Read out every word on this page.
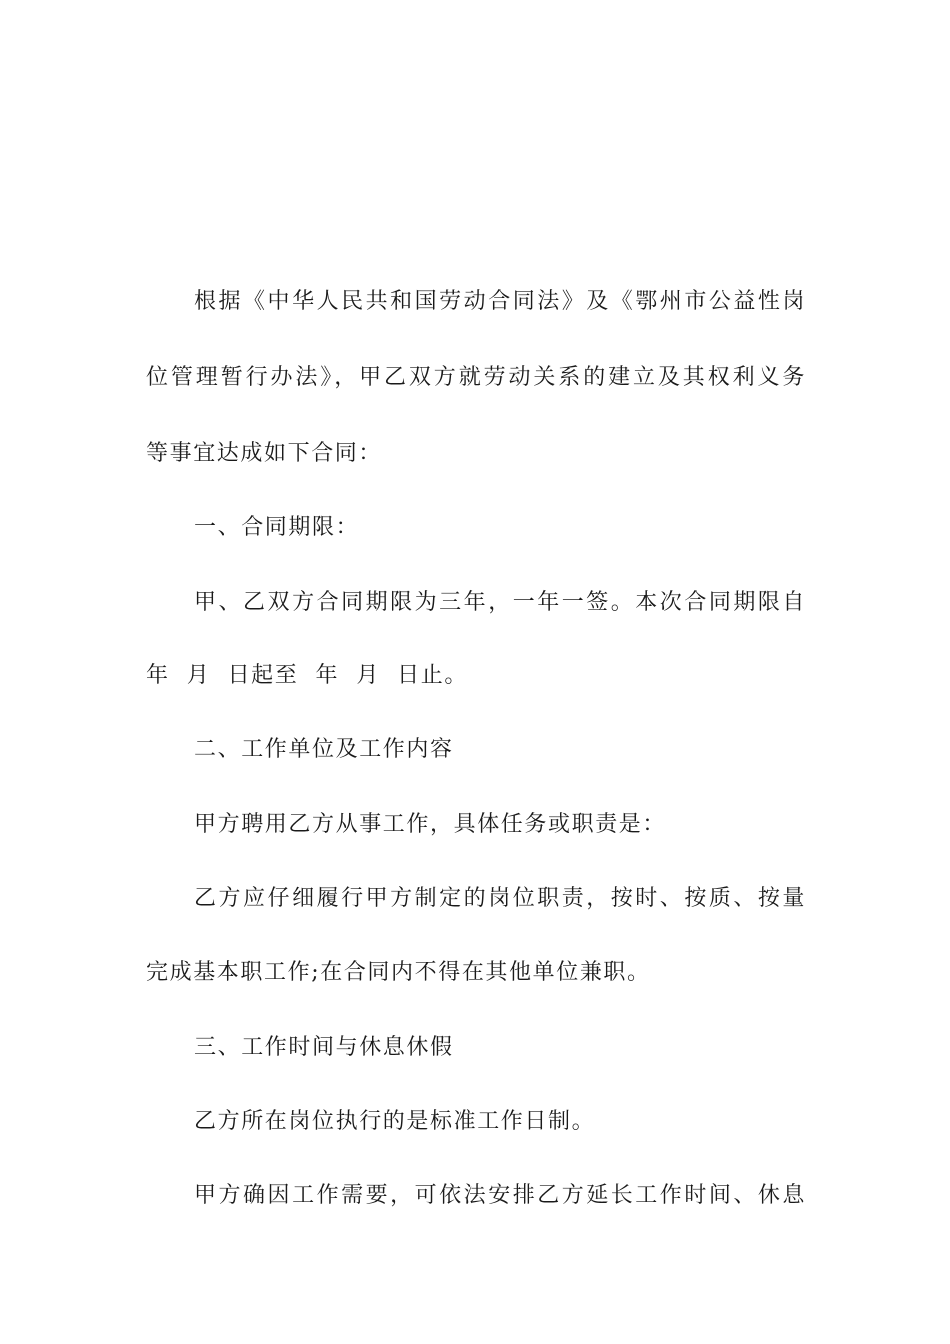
根据《中华人民共和国劳动合同法》及《鄂州市公益性岗
位管理暂行办法》，甲乙双方就劳动关系的建立及其权利义务
等事宜达成如下合同：
一、合同期限：
甲、乙双方合同期限为三年，一年一签。本次合同期限自
年  月  日起至  年  月  日止。
二、工作单位及工作内容
甲方聘用乙方从事工作，具体任务或职责是：
乙方应仔细履行甲方制定的岗位职责，按时、按质、按量
完成基本职工作;在合同内不得在其他单位兼职。
三、工作时间与休息休假
乙方所在岗位执行的是标准工作日制。
甲方确因工作需要，可依法安排乙方延长工作时间、休息
